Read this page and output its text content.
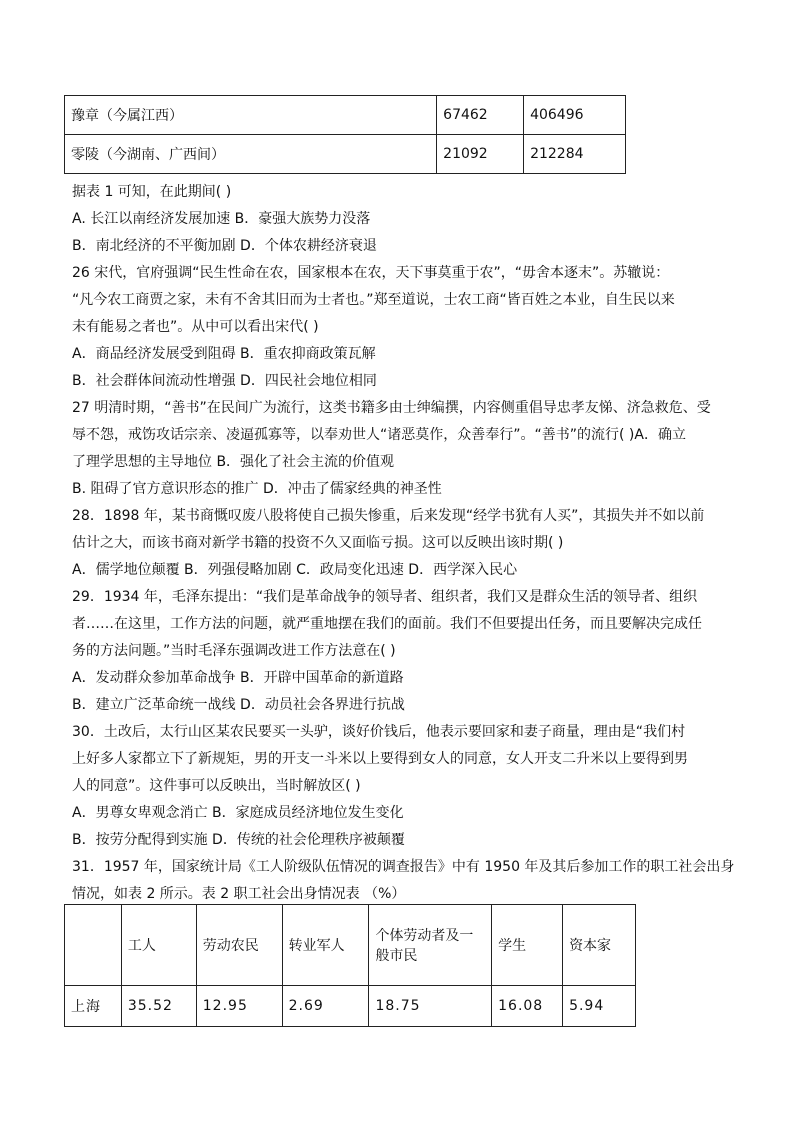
豫章（今属江西）	67462	406496
零陵（今湖南、广西间）	21092	212284
据表 1 可知，在此期间( )
A. 长江以南经济发展加速 B．豪强大族势力没落
B．南北经济的不平衡加剧 D．个体农耕经济衰退
26 宋代，官府强调“民生性命在农，国家根本在农，天下事莫重于农”，“毋舍本逐末”。苏辙说：
“凡今农工商贾之家，未有不舍其旧而为士者也。”郑至道说，士农工商“皆百姓之本业，自生民以来
未有能易之者也”。从中可以看出宋代( )
A．商品经济发展受到阻碍 B．重农抑商政策瓦解
B．社会群体间流动性增强 D．四民社会地位相同
27 明清时期，“善书”在民间广为流行，这类书籍多由士绅编撰，内容侧重倡导忠孝友悌、济急救危、受
辱不怨，戒饬攻话宗亲、凌逼孤寡等，以奉劝世人“诸恶莫作，众善奉行”。“善书”的流行( )A．确立
了理学思想的主导地位 B．强化了社会主流的价值观
B. 阻碍了官方意识形态的推广 D．冲击了儒家经典的神圣性
28．1898 年，某书商慨叹废八股将使自己损失惨重，后来发现“经学书犹有人买”，其损失并不如以前
估计之大，而该书商对新学书籍的投资不久又面临亏损。这可以反映出该时期( )
A．儒学地位颠覆 B．列强侵略加剧 C．政局变化迅速 D．西学深入民心
29．1934 年，毛泽东提出：“我们是革命战争的领导者、组织者，我们又是群众生活的领导者、组织
者……在这里，工作方法的问题，就严重地摆在我们的面前。我们不但要提出任务，而且要解决完成任
务的方法问题。”当时毛泽东强调改进工作方法意在( )
A．发动群众参加革命战争 B．开辟中国革命的新道路
B．建立广泛革命统一战线 D．动员社会各界进行抗战
30．土改后，太行山区某农民要买一头驴，谈好价钱后，他表示要回家和妻子商量，理由是“我们村
上好多人家都立下了新规矩，男的开支一斗米以上要得到女人的同意，女人开支二升米以上要得到男
人的同意”。这件事可以反映出，当时解放区( )
A．男尊女卑观念消亡 B．家庭成员经济地位发生变化
B．按劳分配得到实施 D．传统的社会伦理秩序被颠覆
31．1957 年，国家统计局《工人阶级队伍情况的调查报告》中有 1950 年及其后参加工作的职工社会出身
情况，如表 2 所示。表 2 职工社会出身情况表 （%）
	工人	劳动农民	转业军人	个体劳动者及一般市民	学生	资本家
上海	35.52	12.95	2.69	18.75	16.08	5.94
